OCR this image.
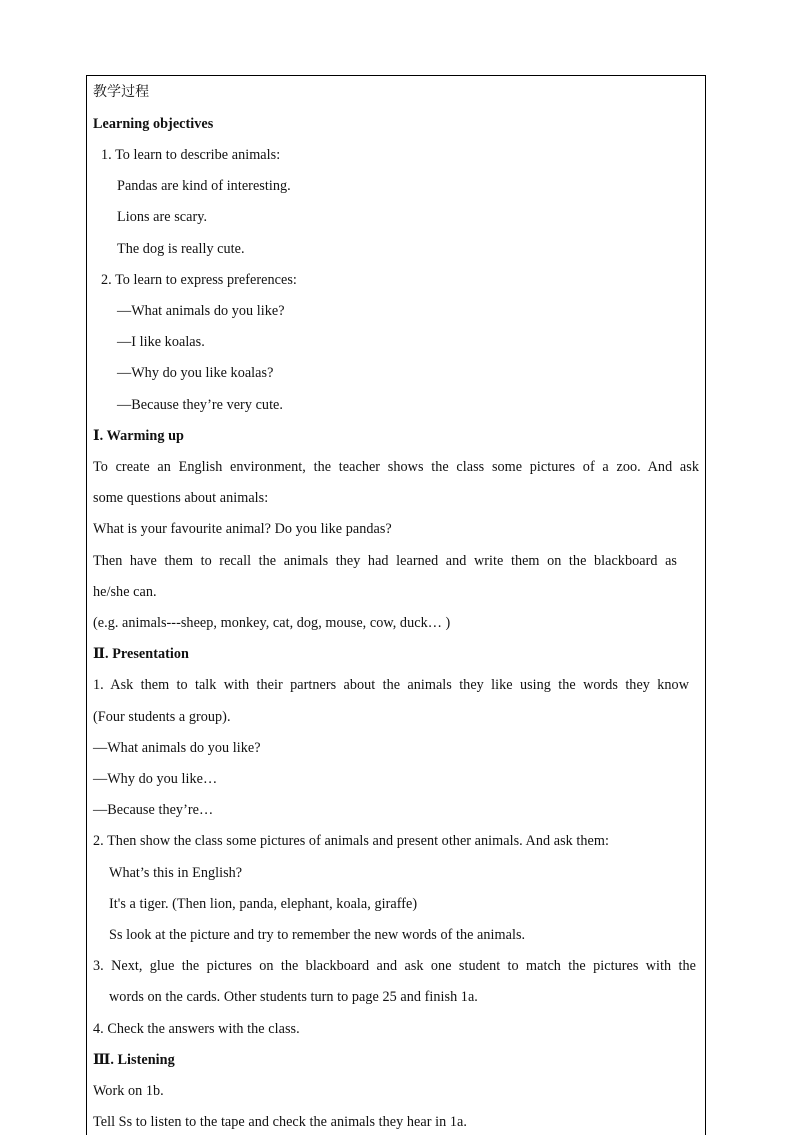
教学过程
Learning objectives
1. To learn to describe animals:
Pandas are kind of interesting.
Lions are scary.
The dog is really cute.
2. To learn to express preferences:
—What animals do you like?
—I like koalas.
—Why do you like koalas?
—Because they’re very cute.
Ⅰ. Warming up
To create an English environment, the teacher shows the class some pictures of a zoo. And ask
some questions about animals:
What is your favourite animal? Do you like pandas?
Then have them to recall the animals they had learned and write them on the blackboard as
he/she can.
(e.g. animals---sheep, monkey, cat, dog, mouse, cow, duck… )
Ⅱ. Presentation
1. Ask them to talk with their partners about the animals they like using the words they know
(Four students a group).
—What animals do you like?
—Why do you like…
—Because they’re…
2. Then show the class some pictures of animals and present other animals. And ask them:
What’s this in English?
It's a tiger. (Then lion, panda, elephant, koala, giraffe)
Ss look at the picture and try to remember the new words of the animals.
3. Next, glue the pictures on the blackboard and ask one student to match the pictures with the
words on the cards. Other students turn to page 25 and finish 1a.
4. Check the answers with the class.
Ⅲ. Listening
Work on 1b.
Tell Ss to listen to the tape and check the animals they hear in 1a.
